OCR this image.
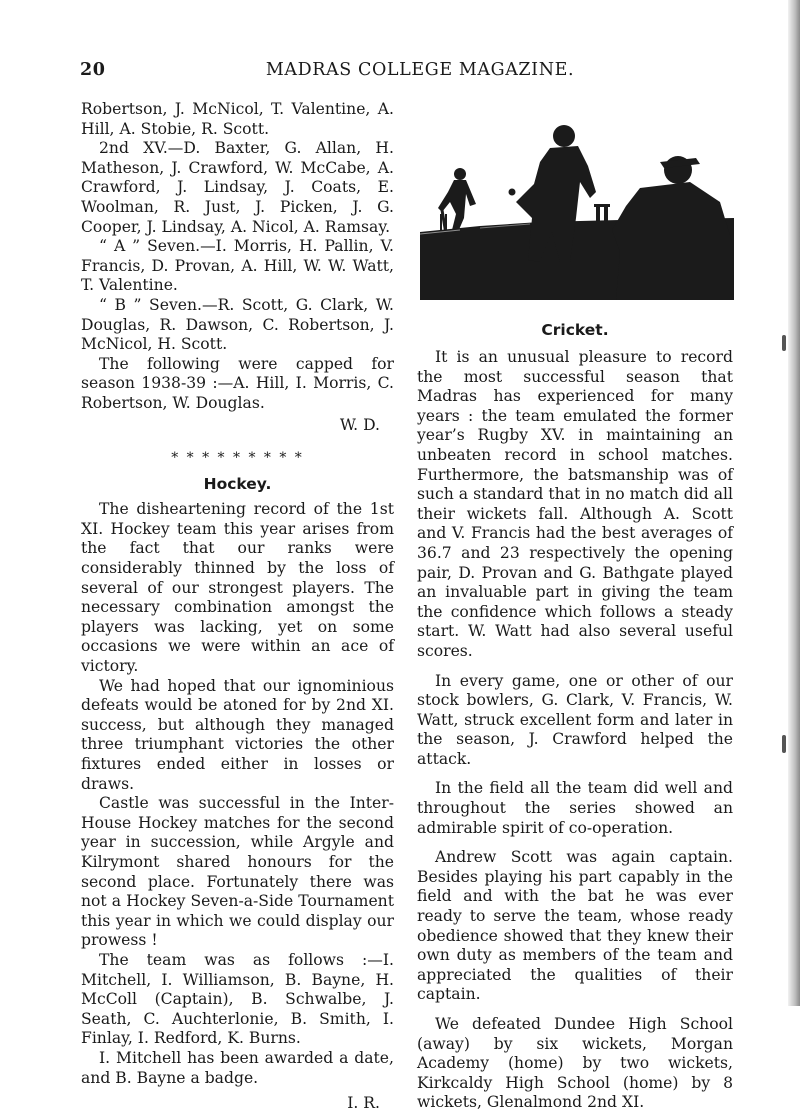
20	MADRAS COLLEGE MAGAZINE.

Robertson, J. McNicol, T. Valentine, A. Hill, A. Stobie, R. Scott.

2nd XV.—D. Baxter, G. Allan, H. Matheson, J. Crawford, W. McCabe, A. Crawford, J. Lindsay, J. Coats, E. Woolman, R. Just, J. Picken, J. G. Cooper, J. Lindsay, A. Nicol, A. Ramsay.

“ A ” Seven.—I. Morris, H. Pallin, V. Francis, D. Provan, A. Hill, W. W. Watt, T. Valentine.

“ B ” Seven.—R. Scott, G. Clark, W. Douglas, R. Dawson, C. Robertson, J. McNicol, H. Scott.

The following were capped for season 1938-39 :—A. Hill, I. Morris, C. Robertson, W. Douglas.

W. D.
* * * * * * * * *
Hockey.

The disheartening record of the 1st XI. Hockey team this year arises from the fact that our ranks were considerably thinned by the loss of several of our strongest players. The necessary combination amongst the players was lacking, yet on some occasions we were within an ace of victory.

We had hoped that our ignominious defeats would be atoned for by 2nd XI. success, but although they managed three triumphant victories the other fixtures ended either in losses or draws.

Castle was successful in the Inter-House Hockey matches for the second year in succession, while Argyle and Kilrymont shared honours for the second place. Fortunately there was not a Hockey Seven-a-Side Tournament this year in which we could display our prowess !

The team was as follows :—I. Mitchell, I. Williamson, B. Bayne, H. McColl (Captain), B. Schwalbe, J. Seath, C. Auchterlonie, B. Smith, I. Finlay, I. Redford, K. Burns.

I. Mitchell has been awarded a date, and B. Bayne a badge.

I. R.
Cricket.

It is an unusual pleasure to record the most successful season that Madras has experienced for many years : the team emulated the former year’s Rugby XV. in maintaining an unbeaten record in school matches. Furthermore, the batsmanship was of such a standard that in no match did all their wickets fall. Although A. Scott and V. Francis had the best averages of 36.7 and 23 respectively the opening pair, D. Provan and G. Bathgate played an invaluable part in giving the team the confidence which follows a steady start. W. Watt had also several useful scores.

In every game, one or other of our stock bowlers, G. Clark, V. Francis, W. Watt, struck excellent form and later in the season, J. Crawford helped the attack.

In the field all the team did well and throughout the series showed an admirable spirit of co-operation.

Andrew Scott was again captain. Besides playing his part capably in the field and with the bat he was ever ready to serve the team, whose ready obedience showed that they knew their own duty as members of the team and appreciated the qualities of their captain.

We defeated Dundee High School (away) by six wickets, Morgan Academy (home) by two wickets, Kirkcaldy High School (home) by 8 wickets, Glenalmond 2nd XI.
